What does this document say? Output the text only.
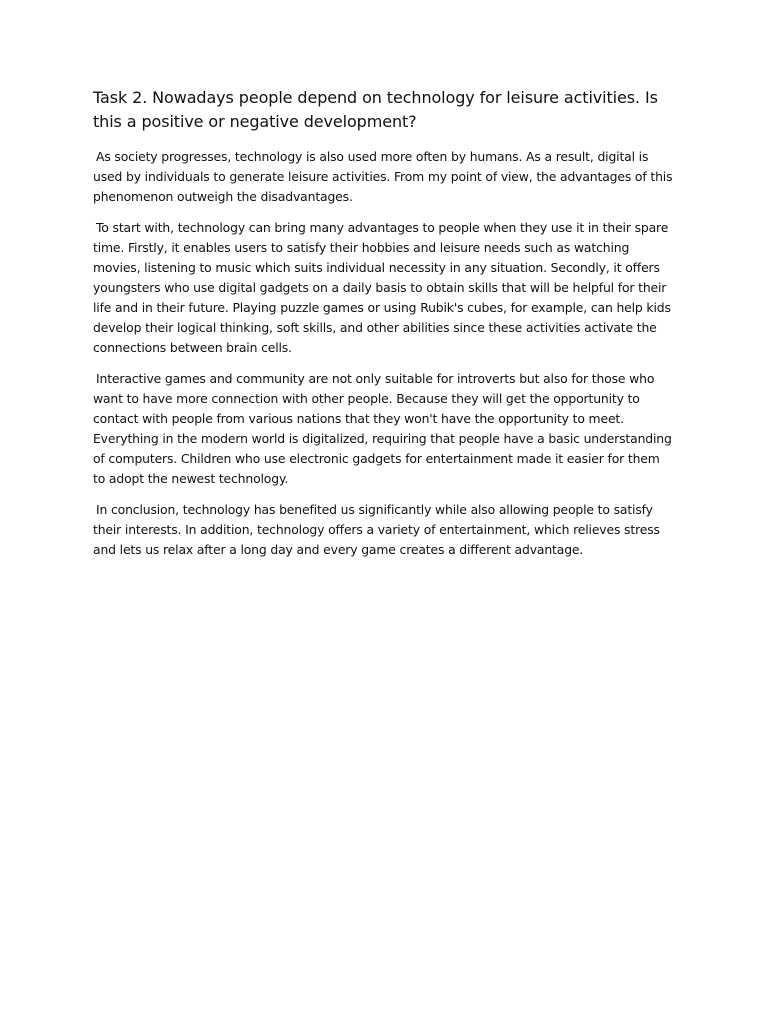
Task 2. Nowadays people depend on technology for leisure activities. Is this a positive or negative development?

As society progresses, technology is also used more often by humans. As a result, digital is used by individuals to generate leisure activities. From my point of view, the advantages of this phenomenon outweigh the disadvantages.

To start with, technology can bring many advantages to people when they use it in their spare time. Firstly, it enables users to satisfy their hobbies and leisure needs such as watching movies, listening to music which suits individual necessity in any situation. Secondly, it offers youngsters who use digital gadgets on a daily basis to obtain skills that will be helpful for their life and in their future. Playing puzzle games or using Rubik's cubes, for example, can help kids develop their logical thinking, soft skills, and other abilities since these activities activate the connections between brain cells.

Interactive games and community are not only suitable for introverts but also for those who want to have more connection with other people. Because they will get the opportunity to contact with people from various nations that they won't have the opportunity to meet. Everything in the modern world is digitalized, requiring that people have a basic understanding of computers. Children who use electronic gadgets for entertainment made it easier for them to adopt the newest technology.

In conclusion, technology has benefited us significantly while also allowing people to satisfy their interests. In addition, technology offers a variety of entertainment, which relieves stress and lets us relax after a long day and every game creates a different advantage.
